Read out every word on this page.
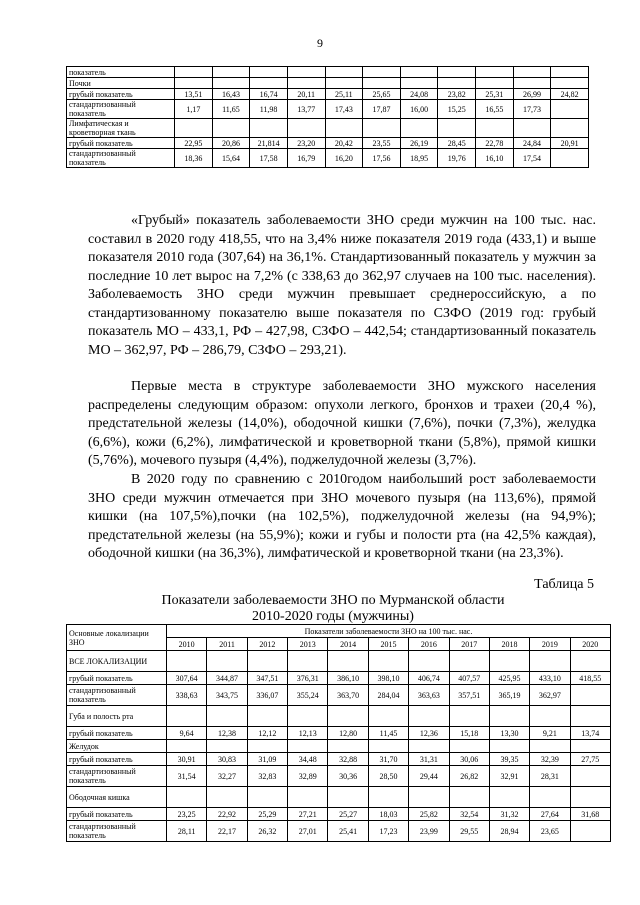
9
показатель											
Почки											
грубый показатель	13,51	16,43	16,74	20,11	25,11	25,65	24,08	23,82	25,31	26,99	24,82
стандартизованный показатель	1,17	11,65	11,98	13,77	17,43	17,87	16,00	15,25	16,55	17,73	
Лимфатическая и кроветворная ткань											
грубый показатель	22,95	20,86	21,814	23,20	20,42	23,55	26,19	28,45	22,78	24,84	20,91
стандартизованный показатель	18,36	15,64	17,58	16,79	16,20	17,56	18,95	19,76	16,10	17,54	

«Грубый» показатель заболеваемости ЗНО среди мужчин на 100 тыс. нас. составил в 2020 году 418,55, что на 3,4% ниже показателя 2019 года (433,1) и выше показателя 2010 года (307,64) на 36,1%. Стандартизованный показатель у мужчин за последние 10 лет вырос на 7,2% (с 338,63 до 362,97 случаев на 100 тыс. населения). Заболеваемость ЗНО среди мужчин превышает среднероссийскую, а по стандартизованному показателю выше показателя по СЗФО (2019 год: грубый показатель МО – 433,1, РФ – 427,98, СЗФО – 442,54; стандартизованный показатель МО – 362,97, РФ – 286,79, СЗФО – 293,21).

Первые места в структуре заболеваемости ЗНО мужского населения распределены следующим образом: опухоли легкого, бронхов и трахеи (20,4 %), предстательной железы (14,0%), ободочной кишки (7,6%), почки (7,3%), желудка (6,6%), кожи (6,2%), лимфатической и кроветворной ткани (5,8%), прямой кишки (5,76%), мочевого пузыря (4,4%), поджелудочной железы (3,7%).

В 2020 году по сравнению с 2010годом наибольший рост заболеваемости ЗНО среди мужчин отмечается при ЗНО мочевого пузыря (на 113,6%), прямой кишки (на 107,5%),почки (на 102,5%), поджелудочной железы (на 94,9%); предстательной железы (на 55,9%); кожи и губы и полости рта (на 42,5% каждая), ободочной кишки (на 36,3%), лимфатической и кроветворной ткани (на 23,3%).

Таблица 5
Показатели заболеваемости ЗНО по Мурманской области
2010-2020 годы (мужчины)
Основные локализации ЗНО	Показатели заболеваемости ЗНО на 100 тыс. нас.										
	2010	2011	2012	2013	2014	2015	2016	2017	2018	2019	2020
ВСЕ ЛОКАЛИЗАЦИИ											
грубый показатель	307,64	344,87	347,51	376,31	386,10	398,10	406,74	407,57	425,95	433,10	418,55
стандартизованный показатель	338,63	343,75	336,07	355,24	363,70	284,04	363,63	357,51	365,19	362,97	
Губа и полость рта											
грубый показатель	9,64	12,38	12,12	12,13	12,80	11,45	12,36	15,18	13,30	9,21	13,74
Желудок											
грубый показатель	30,91	30,83	31,09	34,48	32,88	31,70	31,31	30,06	39,35	32,39	27,75
стандартизованный показатель	31,54	32,27	32,83	32,89	30,36	28,50	29,44	26,82	32,91	28,31	
Ободочная кишка											
грубый показатель	23,25	22,92	25,29	27,21	25,27	18,03	25,82	32,54	31,32	27,64	31,68
стандартизованный показатель	28,11	22,17	26,32	27,01	25,41	17,23	23,99	29,55	28,94	23,65	
